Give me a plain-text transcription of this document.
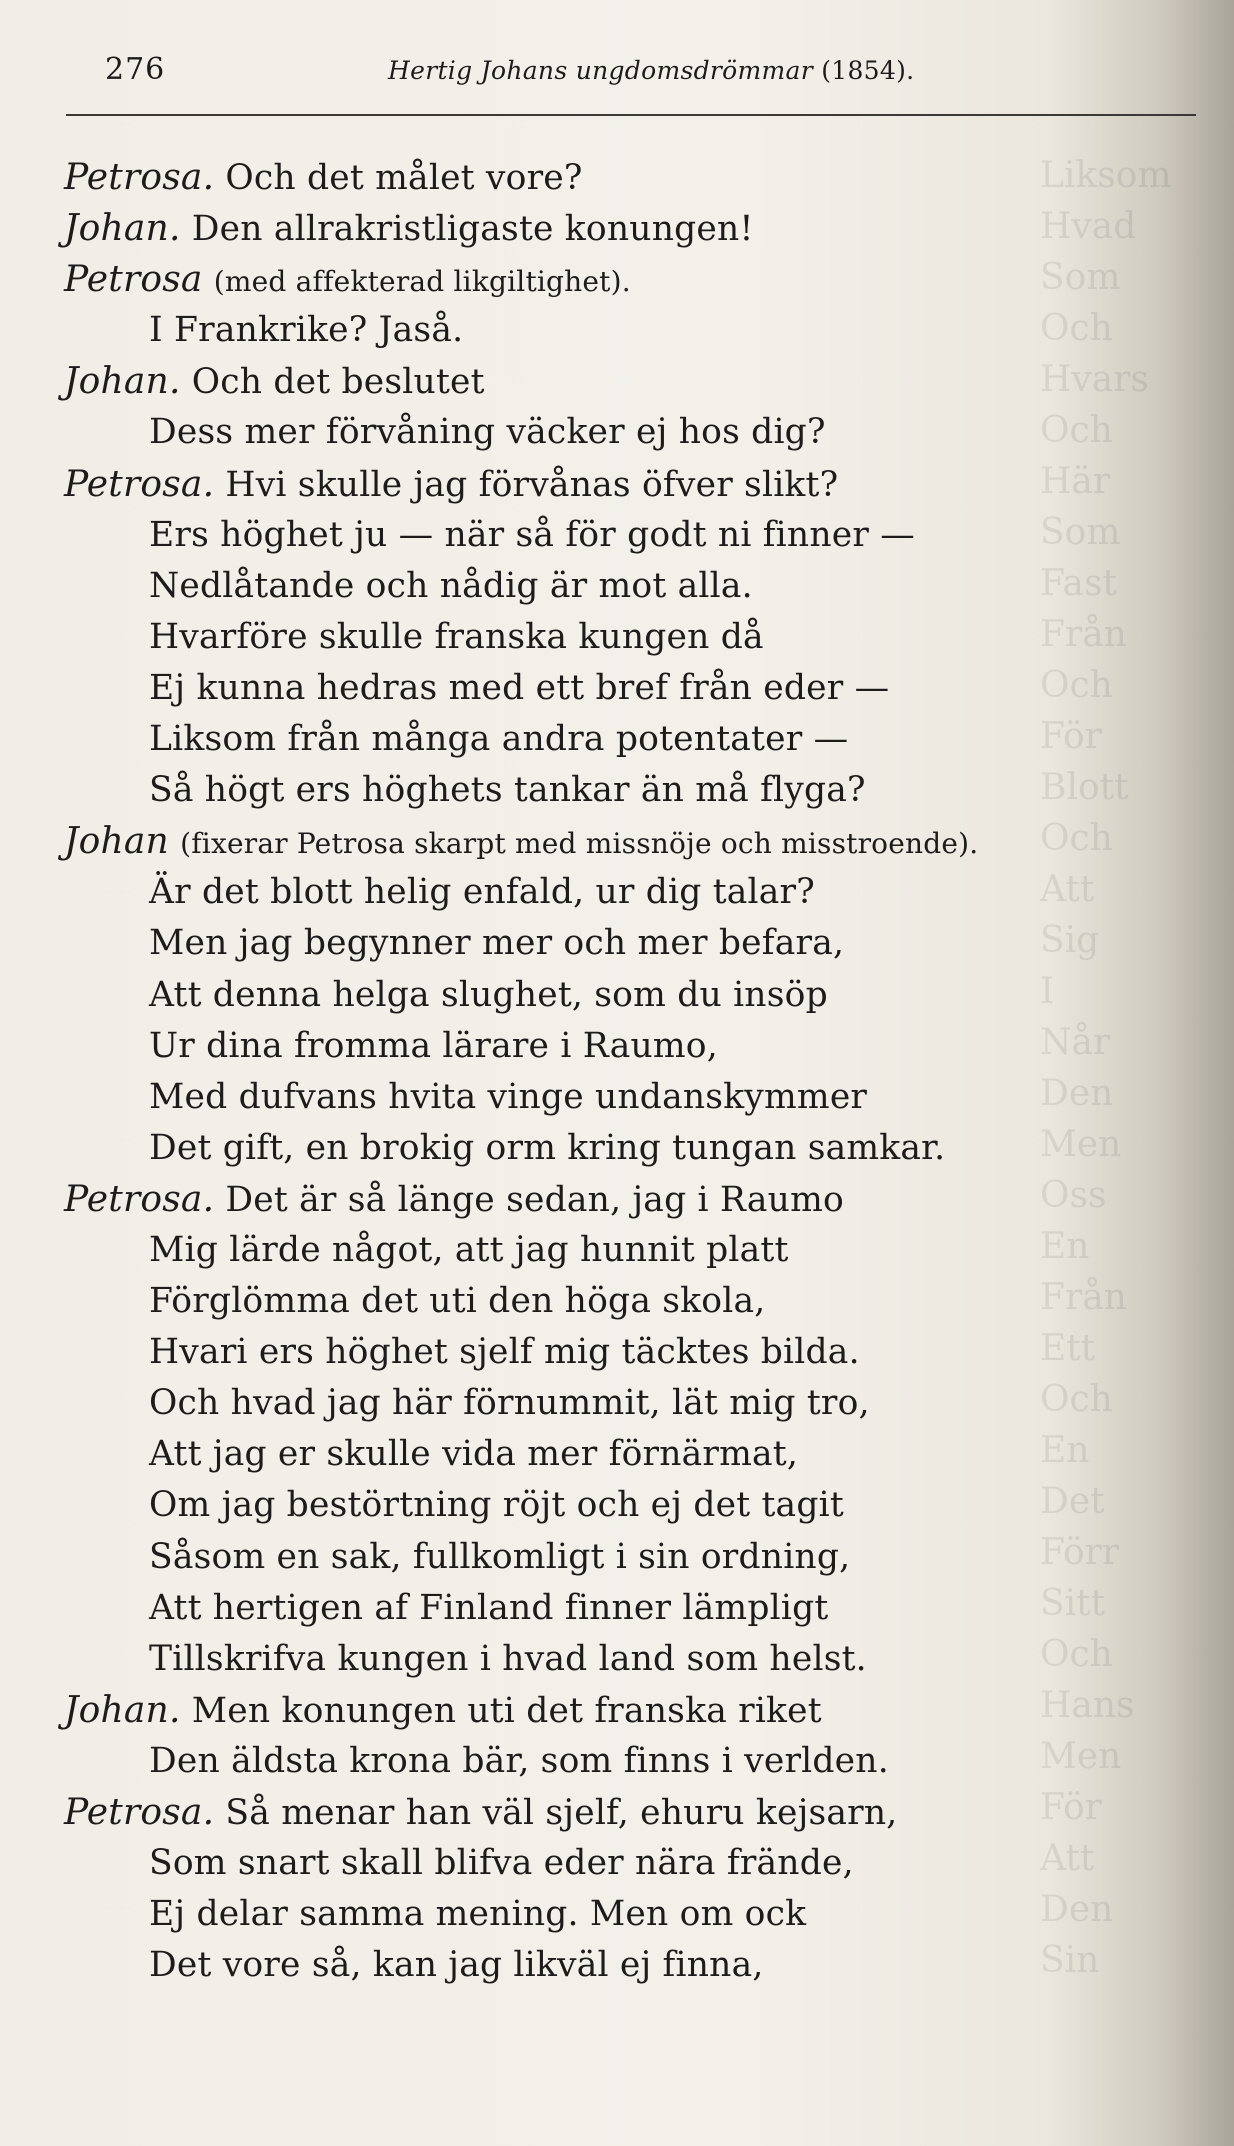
Liksom
Hvad
Som
Och
Hvars
Och
Här
Som
Fast
Från
Och
För
Blott
Och
Att
Sig
I
Når
Den
Men
Oss
En
Från
Ett
Och
En
Det
Förr
Sitt
Och
Hans
Men
För
Att
Den
Sin
276	Hertig Johans ungdomsdrömmar (1854).
Petrosa. Och det målet vore?
Johan. Den allrakristligaste konungen!
Petrosa (med affekterad likgiltighet).
I Frankrike? Jaså.
Johan. Och det beslutet
Dess mer förvåning väcker ej hos dig?
Petrosa. Hvi skulle jag förvånas öfver slikt?
Ers höghet ju — när så för godt ni finner —
Nedlåtande och nådig är mot alla.
Hvarföre skulle franska kungen då
Ej kunna hedras med ett bref från eder —
Liksom från många andra potentater —
Så högt ers höghets tankar än må flyga?
Johan (fixerar Petrosa skarpt med missnöje och misstroende).
Är det blott helig enfald, ur dig talar?
Men jag begynner mer och mer befara,
Att denna helga slughet, som du insöp
Ur dina fromma lärare i Raumo,
Med dufvans hvita vinge undanskymmer
Det gift, en brokig orm kring tungan samkar.
Petrosa. Det är så länge sedan, jag i Raumo
Mig lärde något, att jag hunnit platt
Förglömma det uti den höga skola,
Hvari ers höghet sjelf mig täcktes bilda.
Och hvad jag här förnummit, lät mig tro,
Att jag er skulle vida mer förnärmat,
Om jag bestörtning röjt och ej det tagit
Såsom en sak, fullkomligt i sin ordning,
Att hertigen af Finland finner lämpligt
Tillskrifva kungen i hvad land som helst.
Johan. Men konungen uti det franska riket
Den äldsta krona bär, som finns i verlden.
Petrosa. Så menar han väl sjelf, ehuru kejsarn,
Som snart skall blifva eder nära frände,
Ej delar samma mening. Men om ock
Det vore så, kan jag likväl ej finna,
